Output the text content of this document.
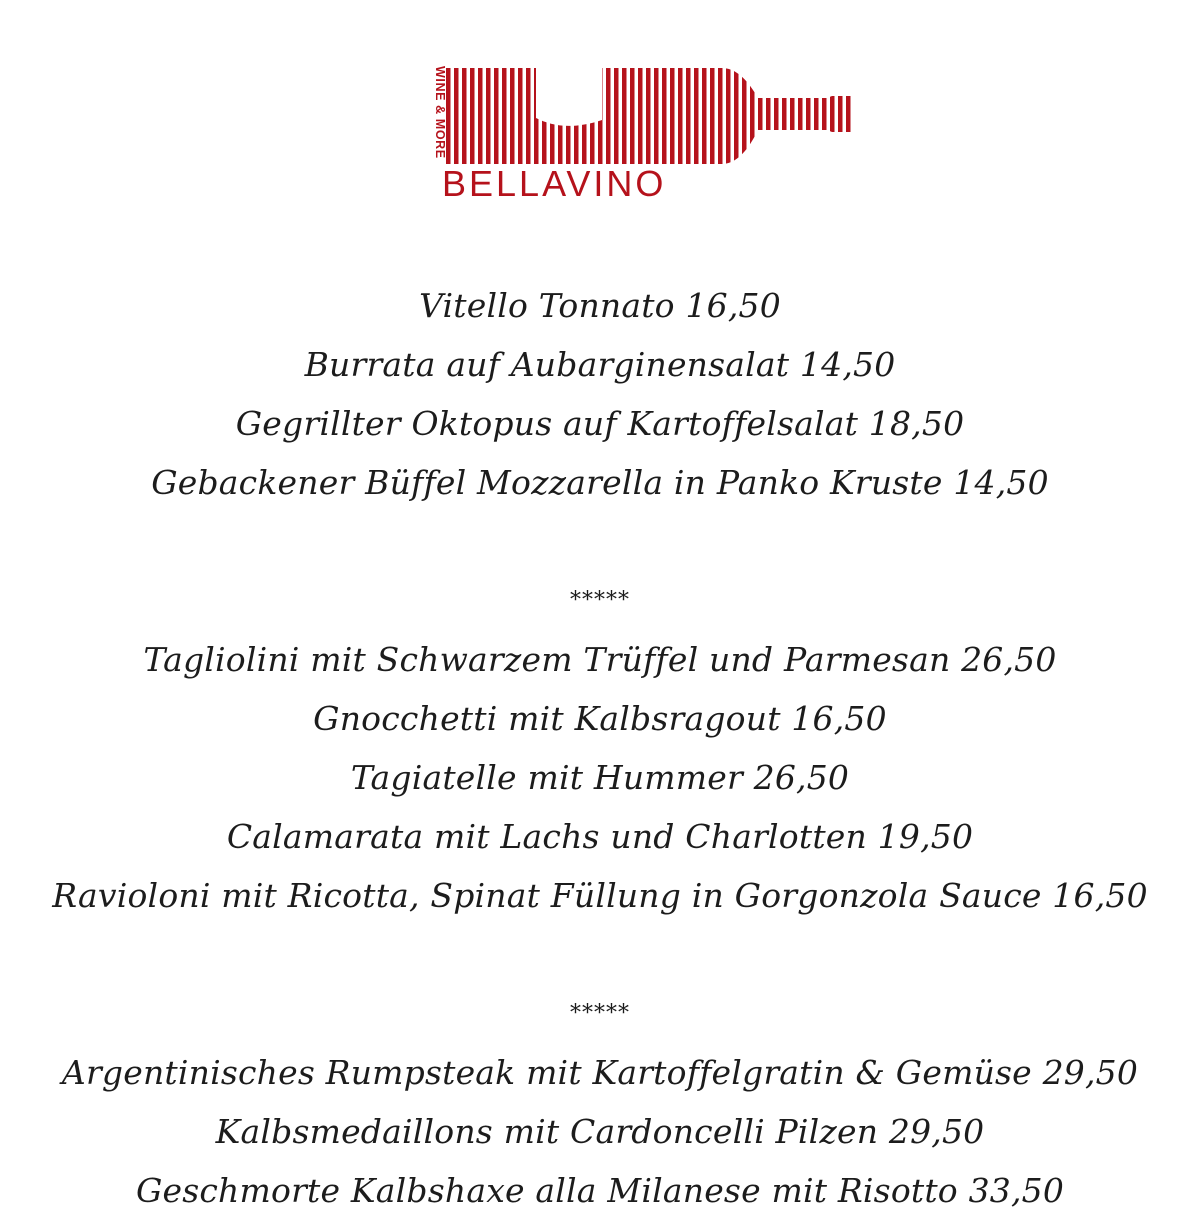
WINE & MORE
BELLAVINO
Vitello Tonnato 16,50
Burrata auf Aubarginensalat 14,50
Gegrillter Oktopus auf Kartoffelsalat 18,50
Gebackener Büffel Mozzarella in Panko Kruste 14,50
*****
Tagliolini mit Schwarzem Trüffel und Parmesan 26,50
Gnocchetti mit Kalbsragout 16,50
Tagiatelle mit Hummer 26,50
Calamarata mit Lachs und Charlotten 19,50
Ravioloni mit Ricotta, Spinat Füllung in Gorgonzola Sauce 16,50
*****
Argentinisches Rumpsteak mit Kartoffelgratin & Gemüse 29,50
Kalbsmedaillons mit Cardoncelli Pilzen 29,50
Geschmorte Kalbshaxe alla Milanese mit Risotto 33,50
